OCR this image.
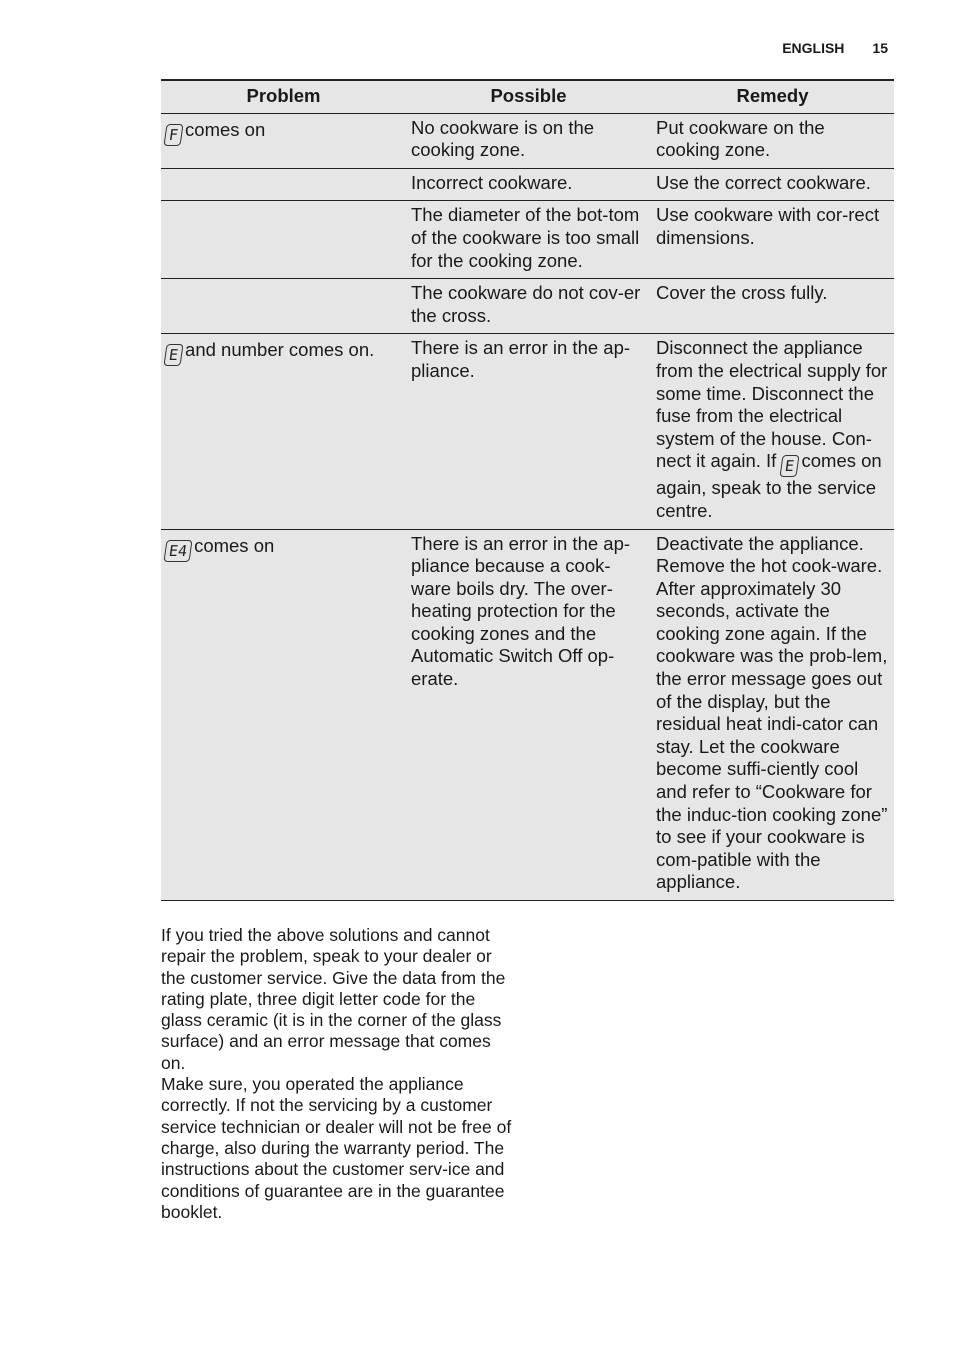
ENGLISH 15
Problem	Possible	Remedy
F comes on	No cookware is on the cooking zone.	Put cookware on the cooking zone.
	Incorrect cookware.	Use the correct cookware.
	The diameter of the bot-tom of the cookware is too small for the cooking zone.	Use cookware with cor-rect dimensions.
	The cookware do not cov-er the cross.	Cover the cross fully.
E and number comes on.	There is an error in the ap-pliance.	Disconnect the appliance from the electrical supply for some time. Disconnect the fuse from the electrical system of the house. Con-nect it again. If E comes on again, speak to the service centre.
E4 comes on	There is an error in the ap-pliance because a cook-ware boils dry. The over-heating protection for the cooking zones and the Automatic Switch Off op-erate.	Deactivate the appliance. Remove the hot cook-ware. After approximately 30 seconds, activate the cooking zone again. If the cookware was the prob-lem, the error message goes out of the display, but the residual heat indi-cator can stay. Let the cookware become suffi-ciently cool and refer to “Cookware for the induc-tion cooking zone” to see if your cookware is com-patible with the appliance.

If you tried the above solutions and cannot repair the problem, speak to your dealer or the customer service. Give the data from the rating plate, three digit letter code for the glass ceramic (it is in the corner of the glass surface) and an error message that comes on.

Make sure, you operated the appliance correctly. If not the servicing by a customer service technician or dealer will not be free of charge, also during the warranty period. The instructions about the customer serv-ice and conditions of guarantee are in the guarantee booklet.
